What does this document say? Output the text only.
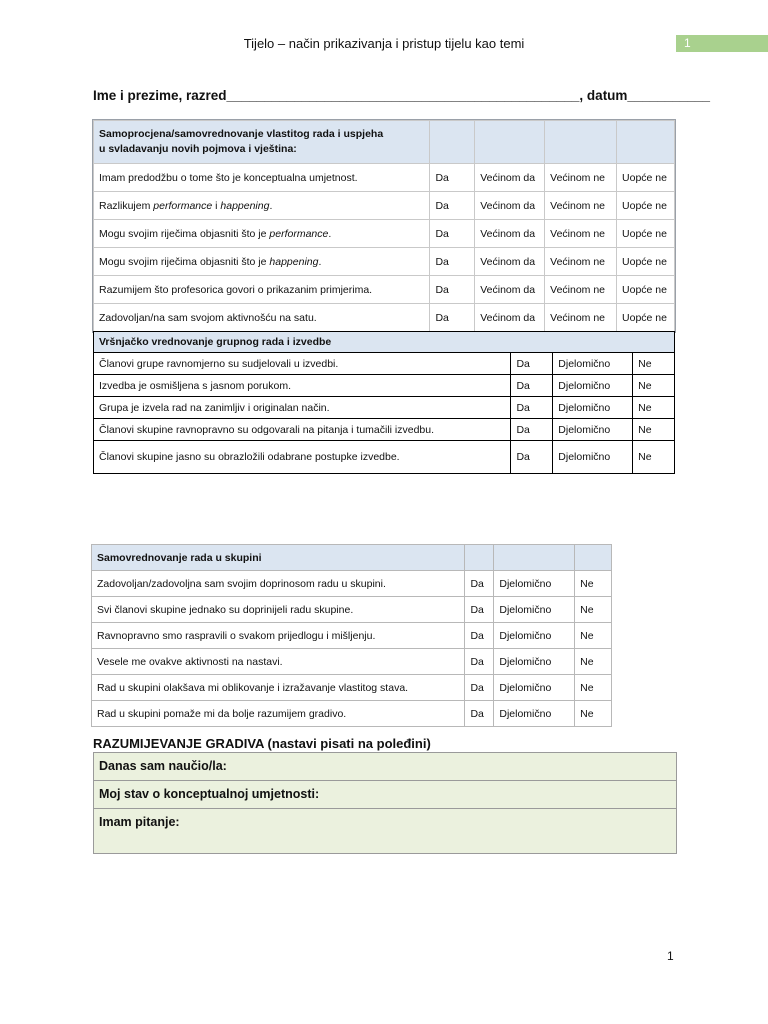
Tijelo – način prikazivanja i pristup tijelu kao temi	1
Ime i prezime, razred_______________________________________________, datum___________
Samoprocjena/samovrednovanje vlastitog rada i uspjeha u svladavanju novih pojmova i vještina:				
Imam predodžbu o tome što je konceptualna umjetnost.	Da	Većinom da	Većinom ne	Uopće ne
Razlikujem performance i happening.	Da	Većinom da	Većinom ne	Uopće ne
Mogu svojim riječima objasniti što je performance.	Da	Većinom da	Većinom ne	Uopće ne
Mogu svojim riječima objasniti što je happening.	Da	Većinom da	Većinom ne	Uopće ne
Razumijem što profesorica govori o prikazanim primjerima.	Da	Većinom da	Većinom ne	Uopće ne
Zadovoljan/na sam svojom aktivnošću na satu.	Da	Većinom da	Većinom ne	Uopće ne
Vršnjačko vrednovanje grupnog rada i izvedbe			
Članovi grupe ravnomjerno su sudjelovali u izvedbi.	Da	Djelomično	Ne
Izvedba je osmišljena s jasnom porukom.	Da	Djelomično	Ne
Grupa je izvela rad na zanimljiv i originalan način.	Da	Djelomično	Ne
Članovi skupine ravnopravno su odgovarali na pitanja i tumačili izvedbu.	Da	Djelomično	Ne
Članovi skupine jasno su obrazložili odabrane postupke izvedbe.	Da	Djelomično	Ne
Samovrednovanje rada u skupini			
Zadovoljan/zadovoljna sam svojim doprinosom radu u skupini.	Da	Djelomično	Ne
Svi članovi skupine jednako su doprinijeli radu skupine.	Da	Djelomično	Ne
Ravnopravno smo raspravili o svakom prijedlogu i mišljenju.	Da	Djelomično	Ne
Vesele me ovakve aktivnosti na nastavi.	Da	Djelomično	Ne
Rad u skupini olakšava mi oblikovanje i izražavanje vlastitog stava.	Da	Djelomično	Ne
Rad u skupini pomaže mi da bolje razumijem gradivo.	Da	Djelomično	Ne
RAZUMIJEVANJE GRADIVA (nastavi pisati na poleđini)
Danas sam naučio/la:
Moj stav o konceptualnoj umjetnosti:
Imam pitanje:
1
